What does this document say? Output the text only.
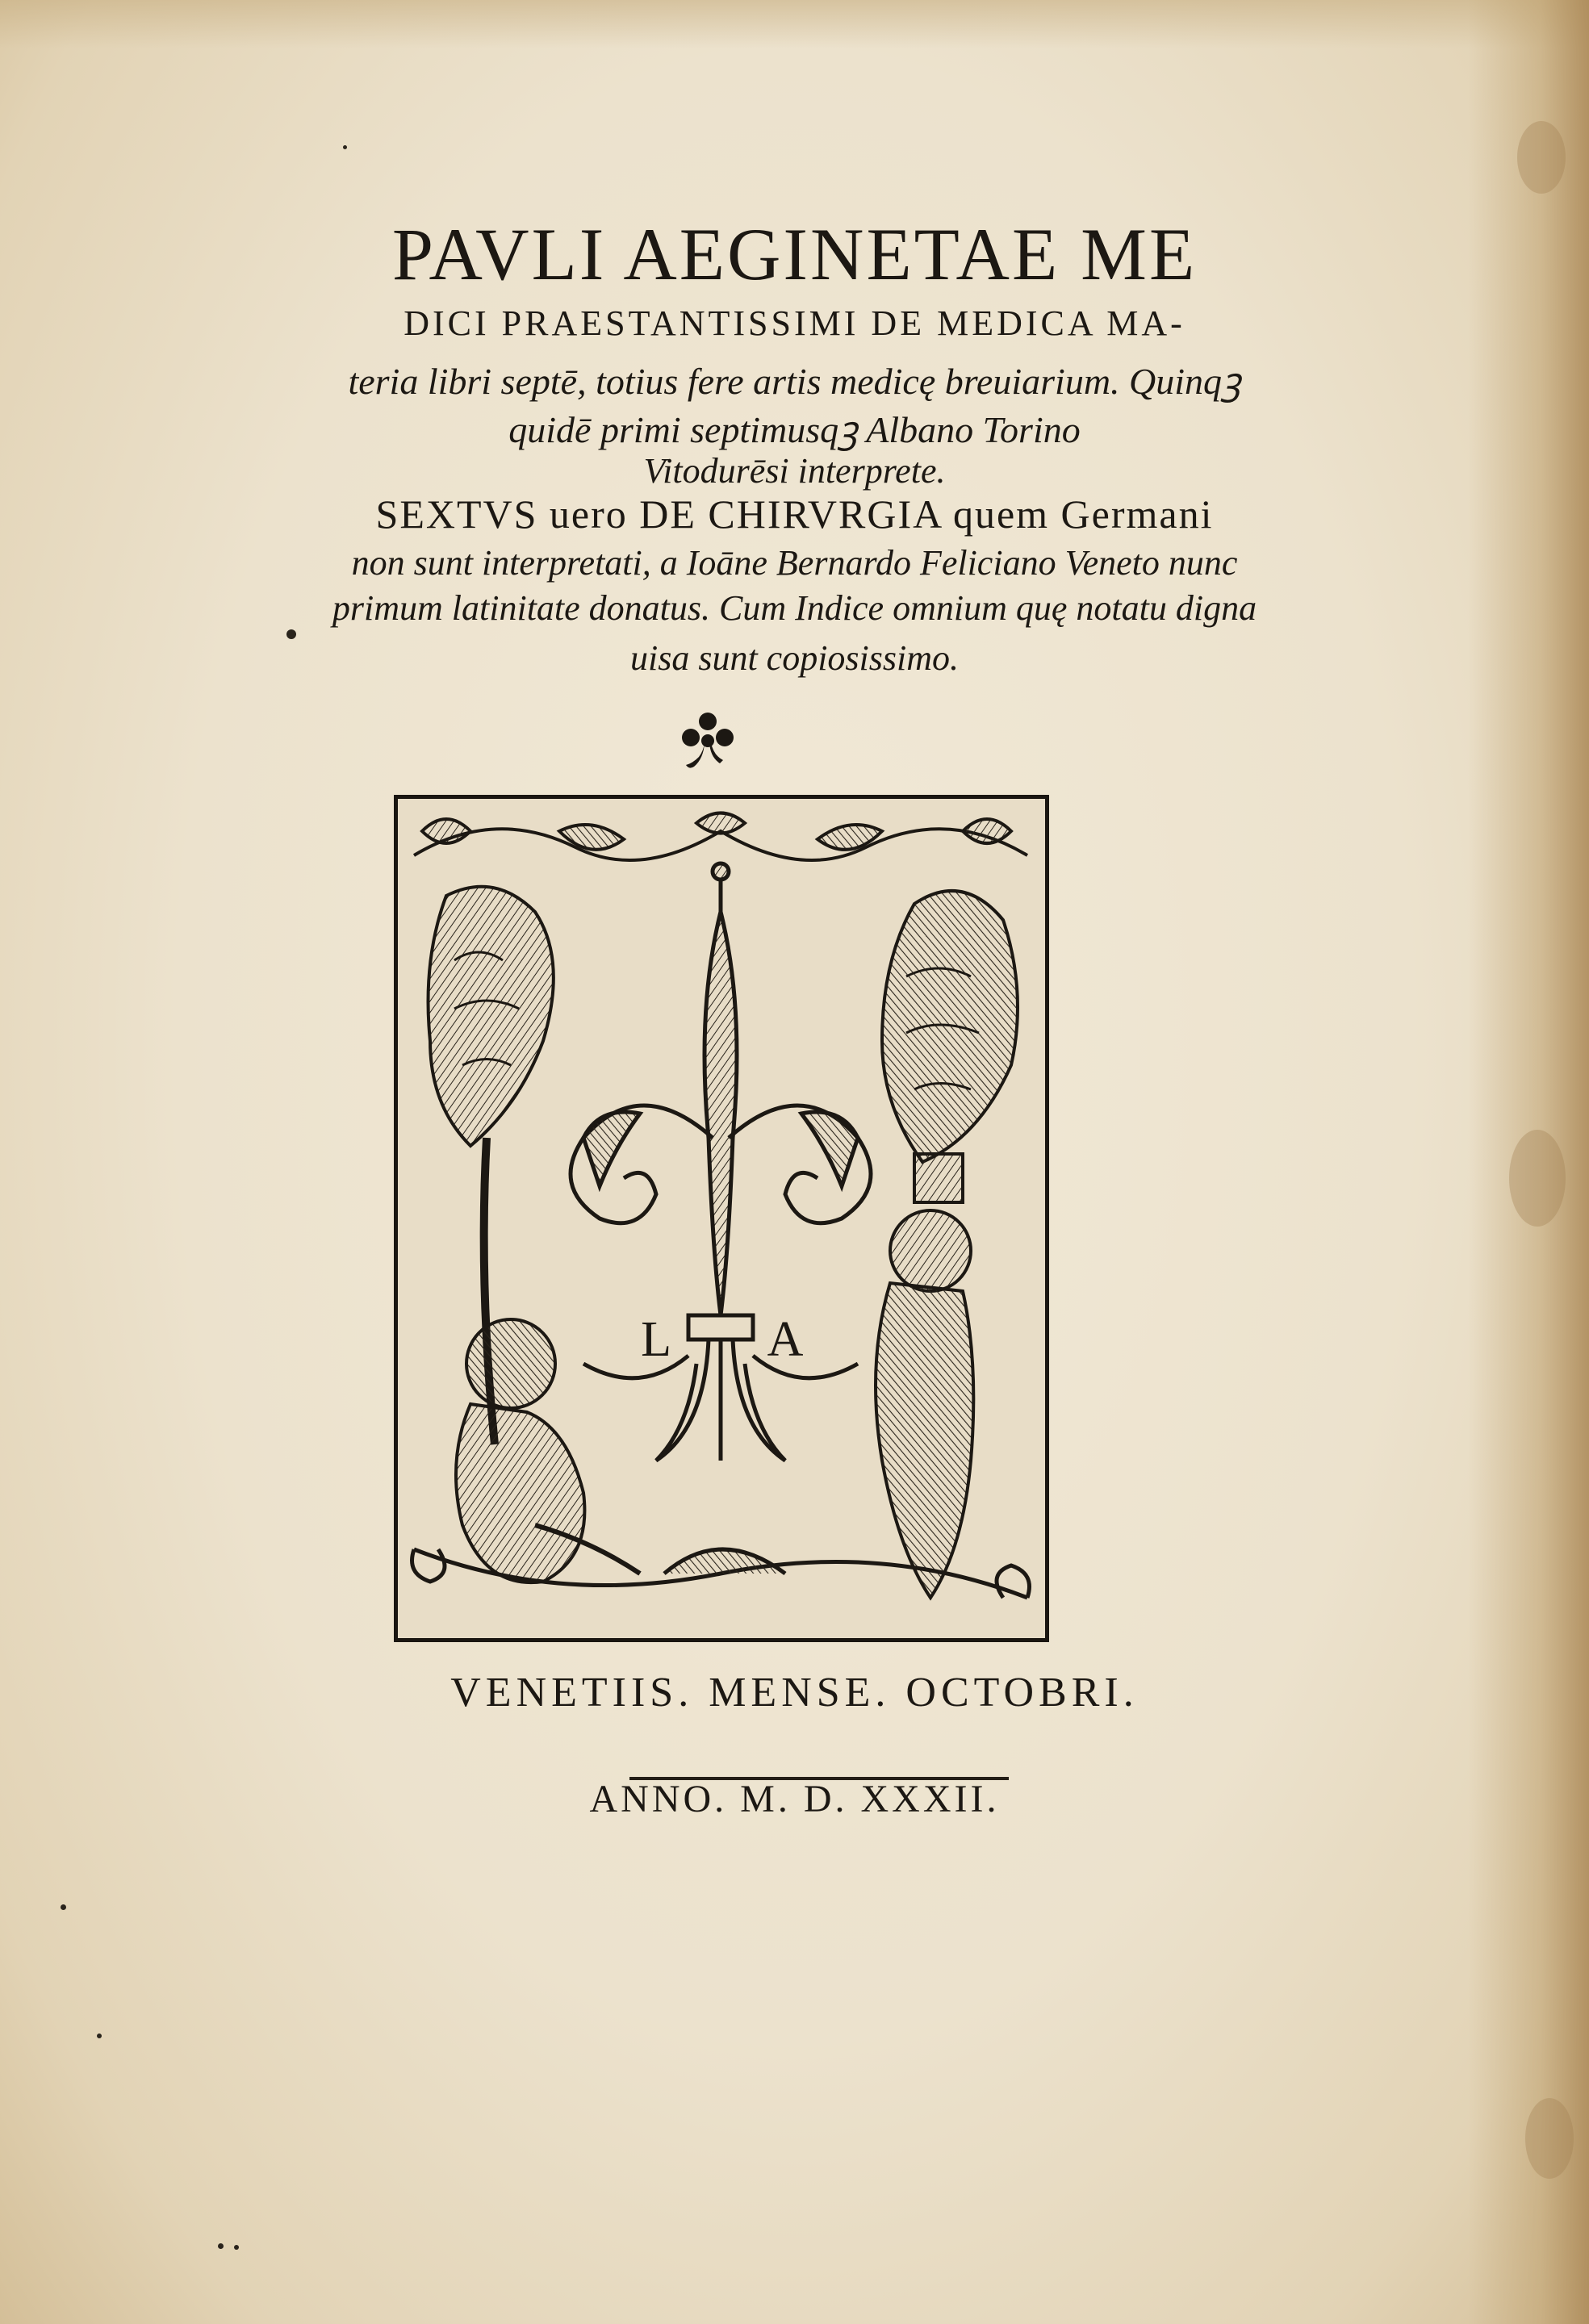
PAVLI AEGINETAE ME
DICI PRAESTANTISSIMI DE MEDICA MA-
teria libri septē, totius fere artis medicę breuiarium. Quinqꝫ
quidē primi septimusqꝫ Albano Torino
Vitodurēsi interprete.
SEXTVS uero DE CHIRVRGIA quem Germani
non sunt interpretati, a Ioāne Bernardo Feliciano Veneto nunc
primum latinitate donatus. Cum Indice omnium quę notatu digna
uisa sunt copiosissimo.
L A
VENETIIS. MENSE. OCTOBRI.
ANNO. M. D. XXXII.
